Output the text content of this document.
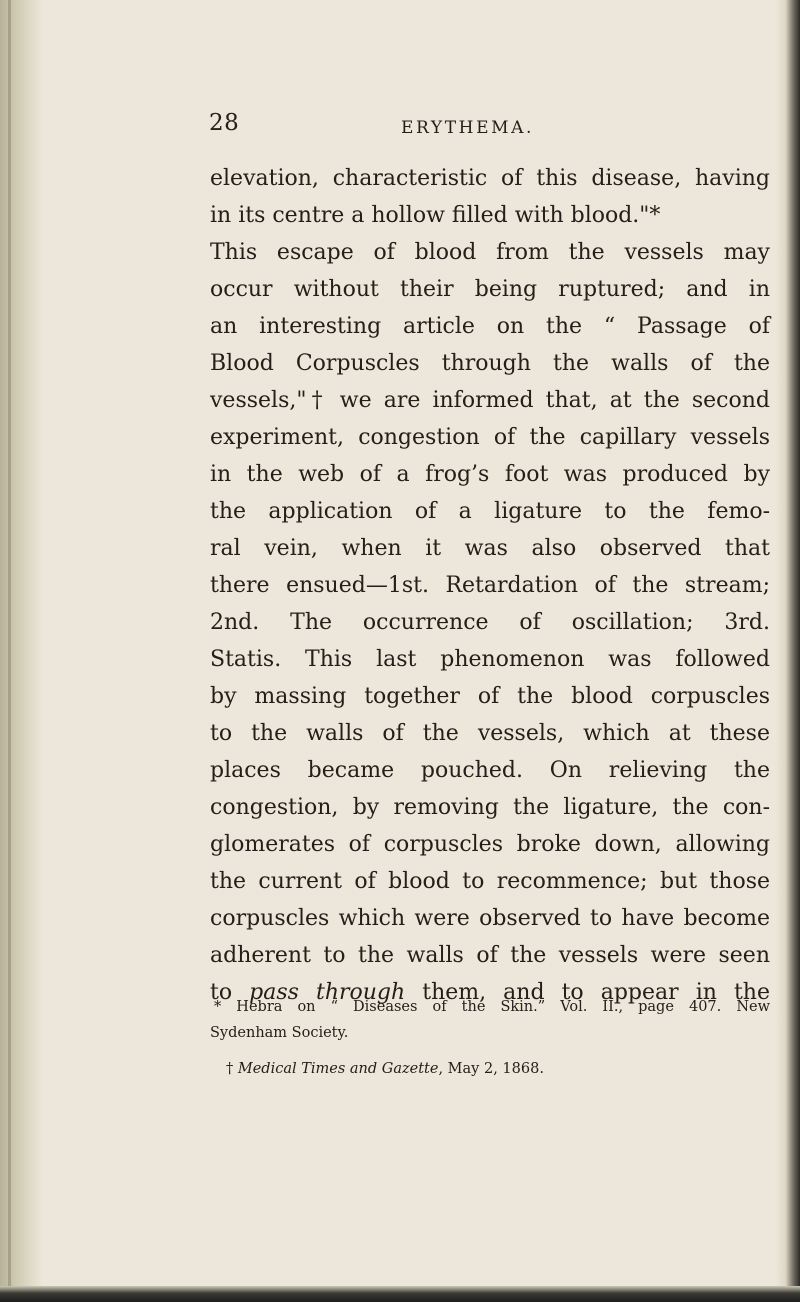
28	ERYTHEMA.
elevation, characteristic of this disease, having
in its centre a hollow filled with blood."*
This escape of blood from the vessels may
occur without their being ruptured; and in
an interesting article on the “ Passage of
Blood Corpuscles through the walls of the
vessels,"† we are informed that, at the second
experiment, congestion of the capillary vessels
in the web of a frog’s foot was produced by
the application of a ligature to the femo-
ral vein, when it was also observed that
there ensued—1st. Retardation of the stream;
2nd. The occurrence of oscillation; 3rd.
Statis. This last phenomenon was followed
by massing together of the blood corpuscles
to the walls of the vessels, which at these
places became pouched. On relieving the
congestion, by removing the ligature, the con-
glomerates of corpuscles broke down, allowing
the current of blood to recommence; but those
corpuscles which were observed to have become
adherent to the walls of the vessels were seen
to pass through them, and to appear in the
* Hebra on “ Diseases of the Skin.” Vol. II., page 407. New
Sydenham Society.
† Medical Times and Gazette, May 2, 1868.
